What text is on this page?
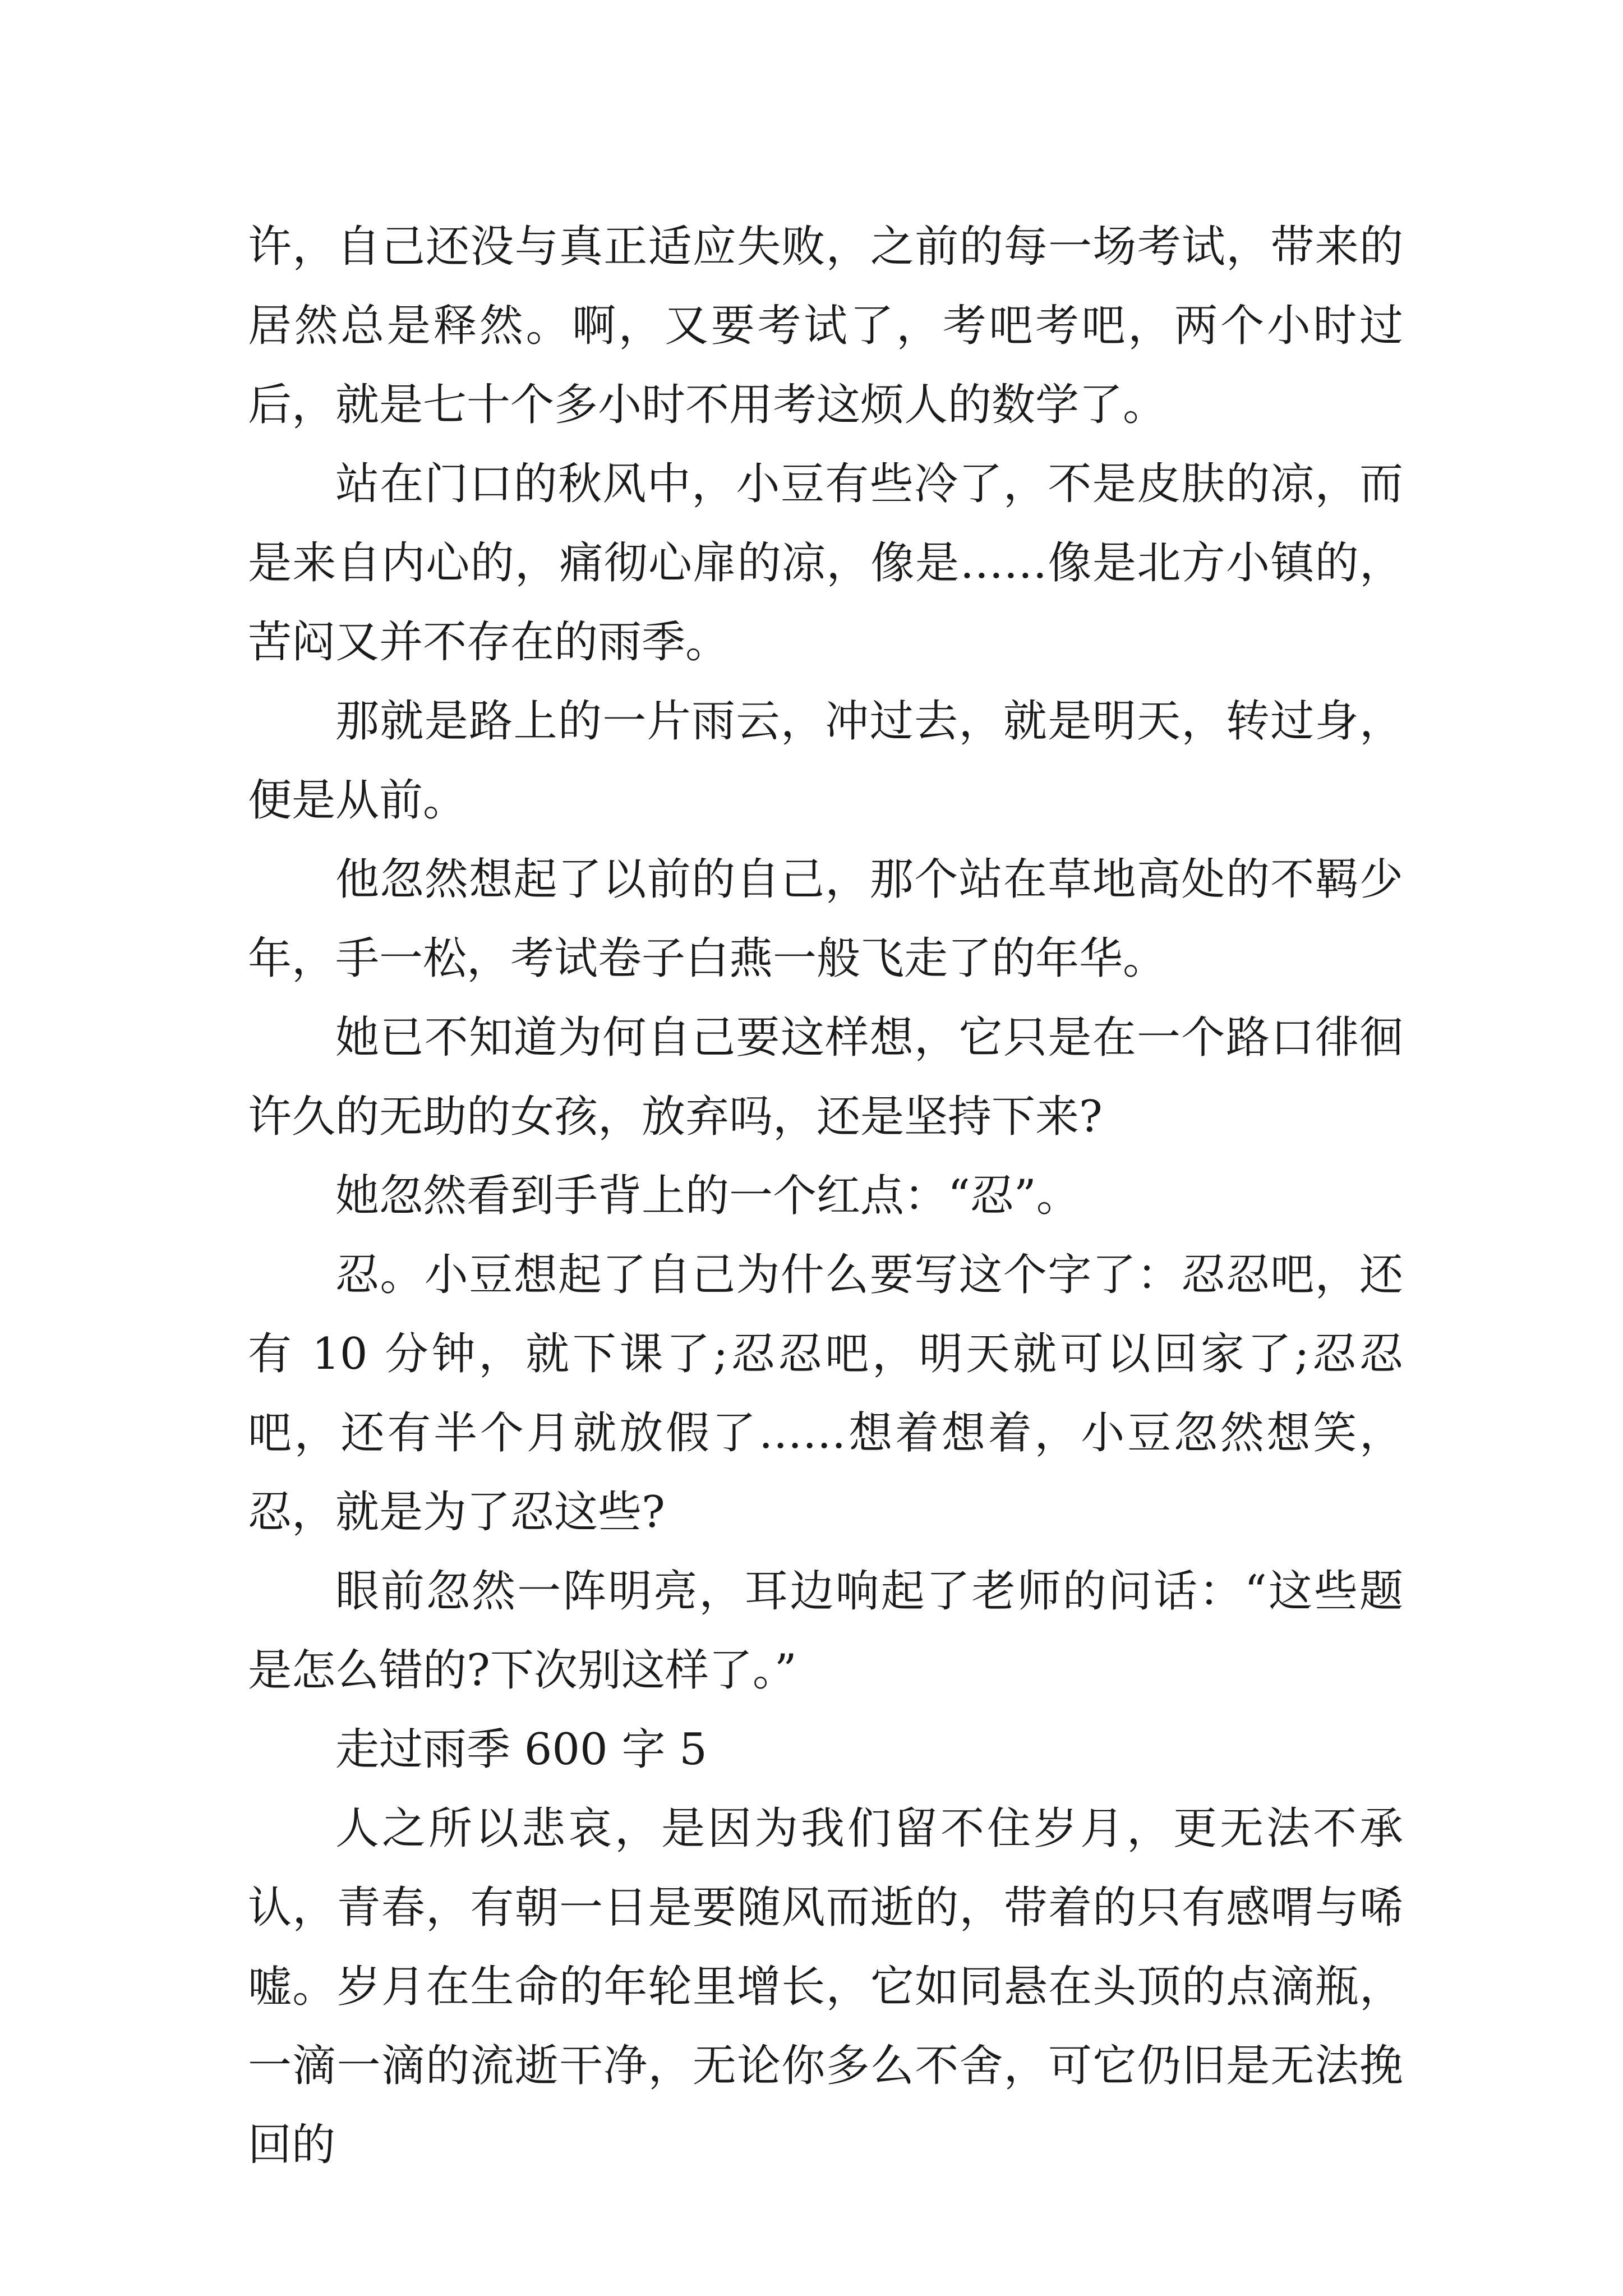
许，自己还没与真正适应失败，之前的每一场考试，带来的居然总是释然。啊，又要考试了，考吧考吧，两个小时过后，就是七十个多小时不用考这烦人的数学了。

站在门口的秋风中，小豆有些冷了，不是皮肤的凉，而是来自内心的，痛彻心扉的凉，像是……像是北方小镇的，苦闷又并不存在的雨季。

那就是路上的一片雨云，冲过去，就是明天，转过身，便是从前。

他忽然想起了以前的自己，那个站在草地高处的不羁少年，手一松，考试卷子白燕一般飞走了的年华。

她已不知道为何自己要这样想，它只是在一个路口徘徊许久的无助的女孩，放弃吗，还是坚持下来?

她忽然看到手背上的一个红点：“忍”。

忍。小豆想起了自己为什么要写这个字了：忍忍吧，还有 10 分钟，就下课了;忍忍吧，明天就可以回家了;忍忍吧，还有半个月就放假了……想着想着，小豆忽然想笑，忍，就是为了忍这些?

眼前忽然一阵明亮，耳边响起了老师的问话：“这些题是怎么错的?下次别这样了。”

走过雨季 600 字 5

人之所以悲哀，是因为我们留不住岁月，更无法不承认，青春，有朝一日是要随风而逝的，带着的只有感喟与唏嘘。岁月在生命的年轮里增长，它如同悬在头顶的点滴瓶，一滴一滴的流逝干净，无论你多么不舍，可它仍旧是无法挽回的
